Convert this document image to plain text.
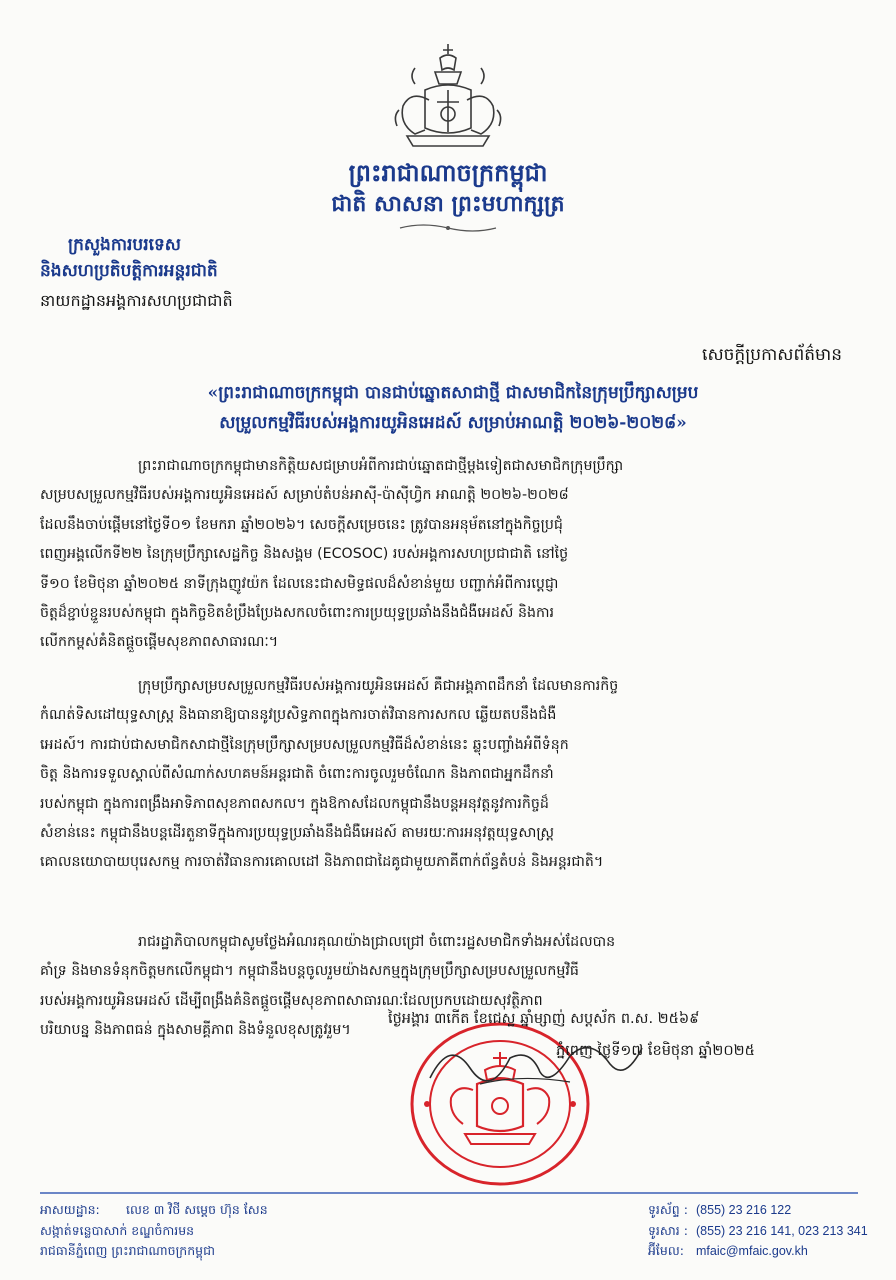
ព្រះរាជាណាចក្រកម្ពុជា
ជាតិ សាសនា ព្រះមហាក្សត្រ
ក្រសួងការបរទេស
និងសហប្រតិបត្តិការអន្តរជាតិ
នាយកដ្ឋានអង្គការសហប្រជាជាតិ
សេចក្តីប្រកាសព័ត៌មាន
«ព្រះរាជាណាចក្រកម្ពុជា បានជាប់ឆ្នោតសាជាថ្មី ជាសមាជិកនៃក្រុមប្រឹក្សាសម្រប
សម្រួលកម្មវិធីរបស់អង្គការយូអិនអេដស៍ សម្រាប់អាណត្តិ ២០២៦-២០២៨»
ព្រះរាជាណាចក្រកម្ពុជាមានកិត្តិយសជម្រាបអំពីការជាប់ឆ្នោតជាថ្មីម្តងទៀតជាសមាជិកក្រុមប្រឹក្សា
សម្របសម្រួលកម្មវិធីរបស់អង្គការយូអិនអេដស៍ សម្រាប់តំបន់អាស៊ី-ប៉ាស៊ីហ្វិក អាណត្តិ ២០២៦-២០២៨
ដែលនឹងចាប់ផ្តើមនៅថ្ងៃទី០១ ខែមករា ឆ្នាំ២០២៦។ សេចក្តីសម្រេចនេះ ត្រូវបានអនុម័តនៅក្នុងកិច្ចប្រជុំ
ពេញអង្គលើកទី២២ នៃក្រុមប្រឹក្សាសេដ្ឋកិច្ច និងសង្គម (ECOSOC) របស់អង្គការសហប្រជាជាតិ នៅថ្ងៃ
ទី១០ ខែមិថុនា ឆ្នាំ២០២៥ នាទីក្រុងញូវយ៉ក ដែលនេះជាសមិទ្ធផលដ៏សំខាន់មួយ បញ្ជាក់អំពីការប្តេជ្ញា
ចិត្តដ៏ខ្ជាប់ខ្ជួនរបស់កម្ពុជា ក្នុងកិច្ចខិតខំប្រឹងប្រែងសកលចំពោះការប្រយុទ្ធប្រឆាំងនឹងជំងឺអេដស៍ និងការ
លើកកម្ពស់គំនិតផ្តួចផ្តើមសុខភាពសាធារណៈ។
ក្រុមប្រឹក្សាសម្របសម្រួលកម្មវិធីរបស់អង្គការយូអិនអេដស៍ គឺជាអង្គភាពដឹកនាំ ដែលមានការកិច្ច
កំណត់ទិសដៅយុទ្ធសាស្ត្រ និងធានាឱ្យបាននូវប្រសិទ្ធភាពក្នុងការចាត់វិធានការសកល ឆ្លើយតបនឹងជំងឺ
អេដស៍។ ការជាប់ជាសមាជិកសាជាថ្មីនៃក្រុមប្រឹក្សាសម្របសម្រួលកម្មវិធីដ៏សំខាន់នេះ ឆ្លុះបញ្ចាំងអំពីទំនុក
ចិត្ត និងការទទួលស្គាល់ពីសំណាក់សហគមន៍អន្តរជាតិ ចំពោះការចូលរួមចំណែក និងភាពជាអ្នកដឹកនាំ
របស់កម្ពុជា ក្នុងការពង្រឹងអាទិភាពសុខភាពសកល។ ក្នុងឱកាសដែលកម្ពុជានឹងបន្តអនុវត្តនូវការកិច្ចដ៏
សំខាន់នេះ កម្ពុជានឹងបន្តដើរតួនាទីក្នុងការប្រយុទ្ធប្រឆាំងនឹងជំងឺអេដស៍ តាមរយៈការអនុវត្តយុទ្ធសាស្ត្រ
គោលនយោបាយបុរេសកម្ម ការចាត់វិធានការគោលដៅ និងភាពជាដៃគូជាមួយភាគីពាក់ព័ន្ធតំបន់ និងអន្តរជាតិ។
រាជរដ្ឋាភិបាលកម្ពុជាសូមថ្លែងអំណរគុណយ៉ាងជ្រាលជ្រៅ ចំពោះរដ្ឋសមាជិកទាំងអស់ដែលបាន
គាំទ្រ និងមានទំនុកចិត្តមកលើកម្ពុជា។ កម្ពុជានឹងបន្តចូលរួមយ៉ាងសកម្មក្នុងក្រុមប្រឹក្សាសម្របសម្រួលកម្មវិធី
របស់អង្គការយូអិនអេដស៍ ដើម្បីពង្រឹងគំនិតផ្តួចផ្តើមសុខភាពសាធារណៈដែលប្រកបដោយសុវត្ថិភាព
បរិយាបន្ន និងភាពធន់ ក្នុងសាមគ្គីភាព និងទំនួលខុសត្រូវរួម។
ថ្ងៃអង្គារ ៣កើត ខែជេស្ឋ ឆ្នាំម្សាញ់ សប្តស័ក ព.ស. ២៥៦៩
ភ្នំពេញ ថ្ងៃទី១៧ ខែមិថុនា ឆ្នាំ២០២៥
អាសយដ្ឋាន:	លេខ ៣ វិថី សម្តេច ហ៊ុន សែន
សង្កាត់ទន្លេបាសាក់ ខណ្ឌចំការមន
រាជធានីភ្នំពេញ ព្រះរាជាណាចក្រកម្ពុជា
ទូរស័ព្ទ : (855) 23 216 122
ទូរសារ : (855) 23 216 141, 023 213 341
អ៊ីមែល: mfaic@mfaic.gov.kh
